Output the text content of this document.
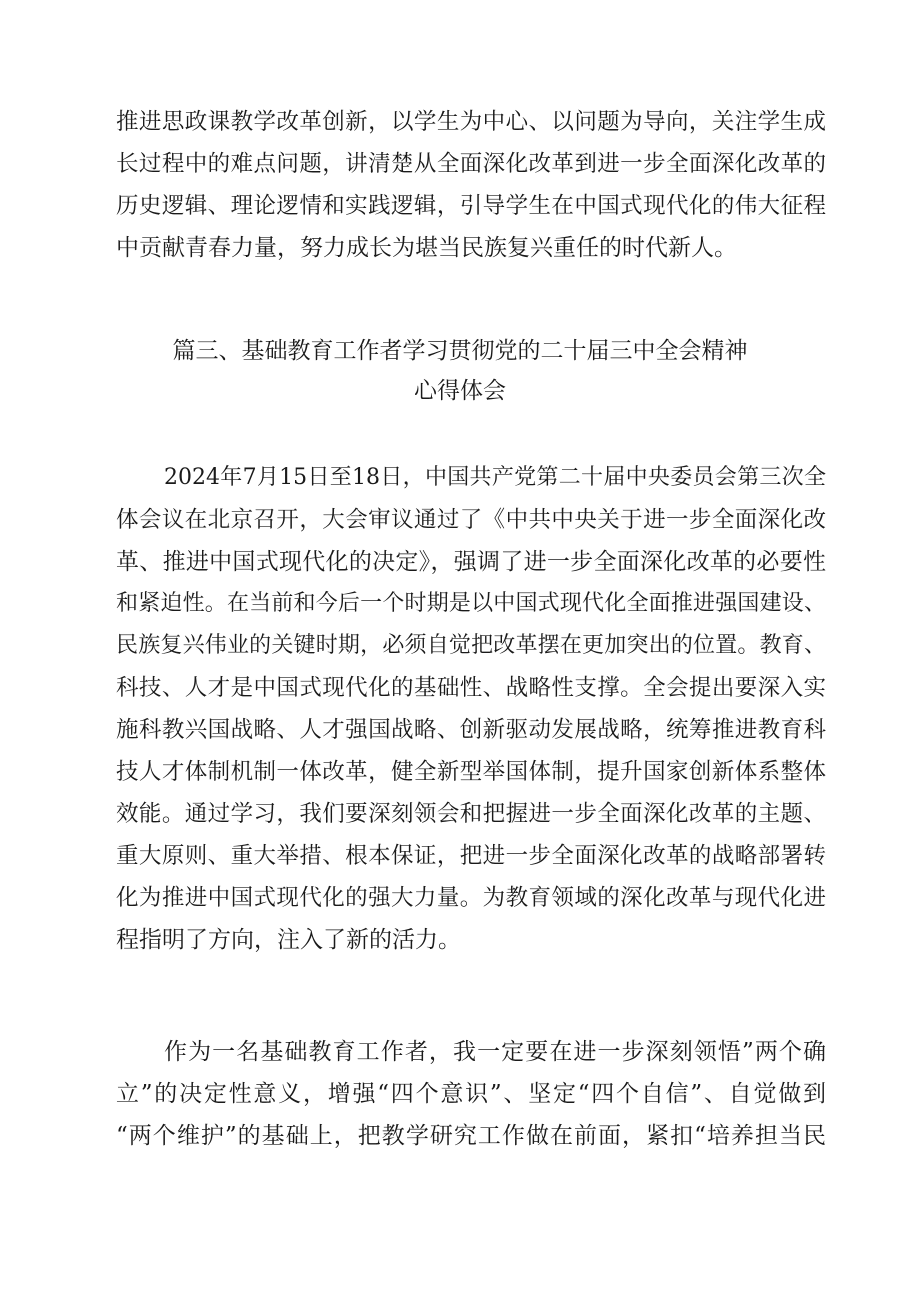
推进思政课教学改革创新，以学生为中心、以问题为导向，关注学生成
长过程中的难点问题，讲清楚从全面深化改革到进一步全面深化改革的
历史逻辑、理论逻情和实践逻辑，引导学生在中国式现代化的伟大征程
中贡献青春力量，努力成长为堪当民族复兴重任的时代新人。
篇三、基础教育工作者学习贯彻党的二十届三中全会精神
心得体会
2024年7月15日至18日，中国共产党第二十届中央委员会第三次全
体会议在北京召开，大会审议通过了《中共中央关于进一步全面深化改
革、推进中国式现代化的决定》，强调了进一步全面深化改革的必要性
和紧迫性。在当前和今后一个时期是以中国式现代化全面推进强国建设、
民族复兴伟业的关键时期，必须自觉把改革摆在更加突出的位置。教育、
科技、人才是中国式现代化的基础性、战略性支撑。全会提出要深入实
施科教兴国战略、人才强国战略、创新驱动发展战略，统筹推进教育科
技人才体制机制一体改革，健全新型举国体制，提升国家创新体系整体
效能。通过学习，我们要深刻领会和把握进一步全面深化改革的主题、
重大原则、重大举措、根本保证，把进一步全面深化改革的战略部署转
化为推进中国式现代化的强大力量。为教育领域的深化改革与现代化进
程指明了方向，注入了新的活力。
作为一名基础教育工作者，我一定要在进一步深刻领悟”两个确
立”的决定性意义，增强“四个意识”、坚定“四个自信”、自觉做到
“两个维护”的基础上，把教学研究工作做在前面，紧扣“培养担当民
